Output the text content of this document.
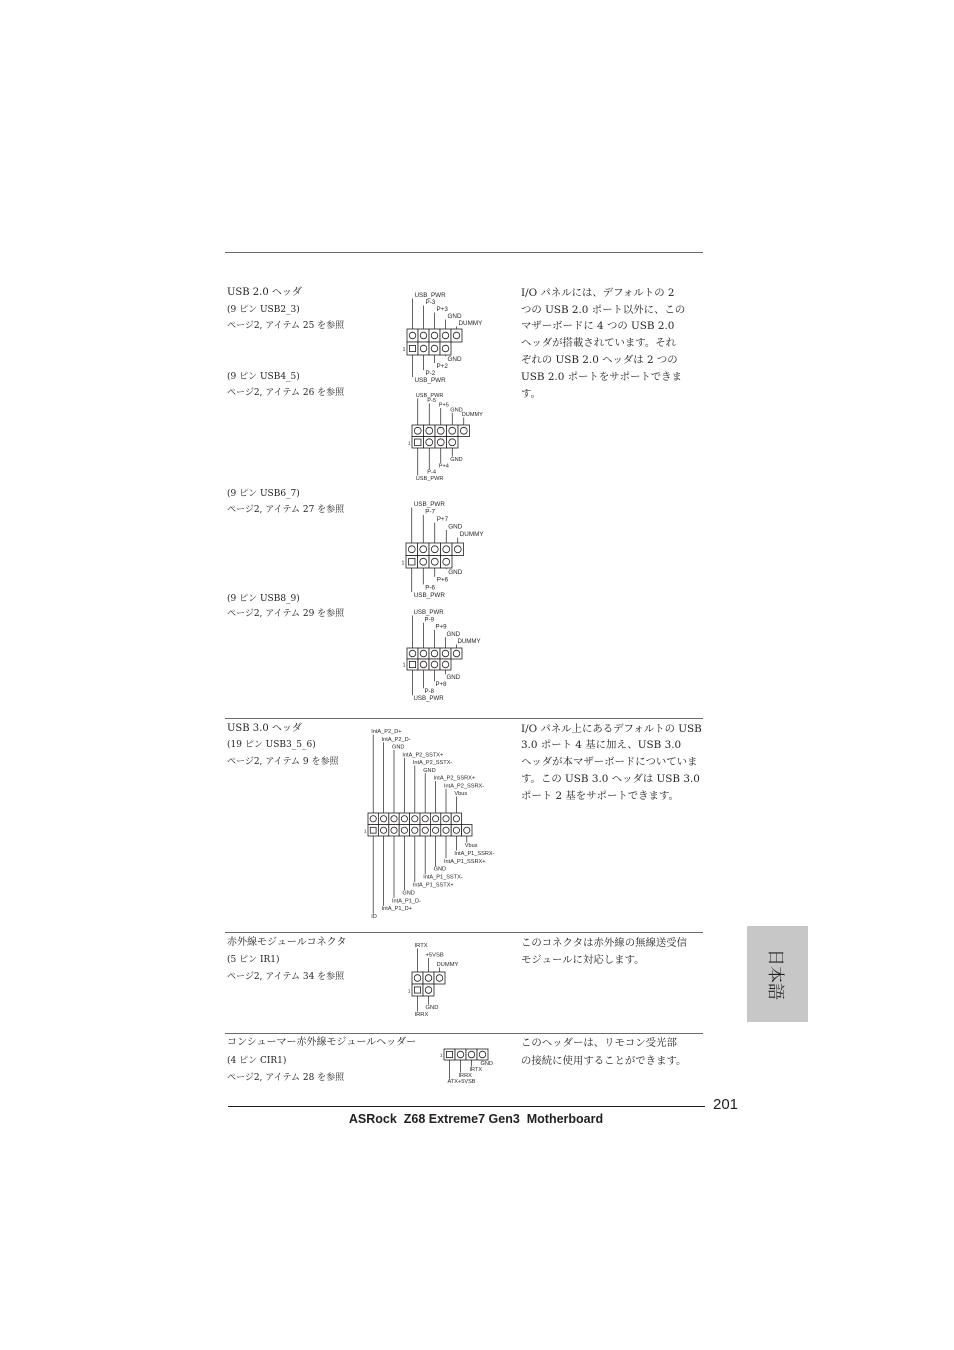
USB 2.0 ヘッダ
(9 ピン USB2_3)
ページ2, アイテム 25 を参照
(9 ピン USB4_5)
ページ2, アイテム 26 を参照
(9 ピン USB6_7)
ページ2, アイテム 27 を参照
(9 ピン USB8_9)
ページ2, アイテム 29 を参照
I/O パネルには、デフォルトの 2
つの USB 2.0 ポート以外に、この
マザーボードに 4 つの USB 2.0
ヘッダが搭載されています。それ
ぞれの USB 2.0 ヘッダは 2 つの
USB 2.0 ポートをサポートできま
す。
USB 3.0 ヘッダ
(19 ピン USB3_5_6)
ページ2, アイテム 9 を参照
I/O パネル上にあるデフォルトの USB
3.0 ポート 4 基に加え、USB 3.0
ヘッダが本マザーボードについていま
す。この USB 3.0 ヘッダは USB 3.0
ポート 2 基をサポートできます。
赤外線モジュールコネクタ
(5 ピン IR1)
ページ2, アイテム 34 を参照
このコネクタは赤外線の無線送受信
モジュールに対応します。
コンシューマー赤外線モジュールヘッダー
(4 ピン CIR1)
ページ2, アイテム 28 を参照
このヘッダーは、リモコン受光部
の接続に使用することができます。
USB_PWR
P-3
P+3
GND
DUMMY
USB_PWR
P-2
P+2
GND
1
USB_PWR
P-5
P+5
GND
DUMMY
USB_PWR
P-4
P+4
GND
1
USB_PWR
P-7
P+7
GND
DUMMY
USB_PWR
P-6
P+6
GND
1
USB_PWR
P-9
P+9
GND
DUMMY
USB_PWR
P-8
P+8
GND
1
IntA_P2_D+
IntA_P2_D-
GND
IntA_P2_SSTX+
IntA_P2_SSTX-
GND
IntA_P2_SSRX+
IntA_P2_SSRX-
Vbus
ID
IntA_P1_D+
IntA_P1_D-
GND
IntA_P1_SSTX+
IntA_P1_SSTX-
GND
IntA_P1_SSRX+
IntA_P1_SSRX-
Vbus
1
IRTX
+5VSB
DUMMY
IRRX
GND
1
ATX+5VSB
IRRX
IRTX
GND
1
日本語
201
ASRock  Z68 Extreme7 Gen3  Motherboard
